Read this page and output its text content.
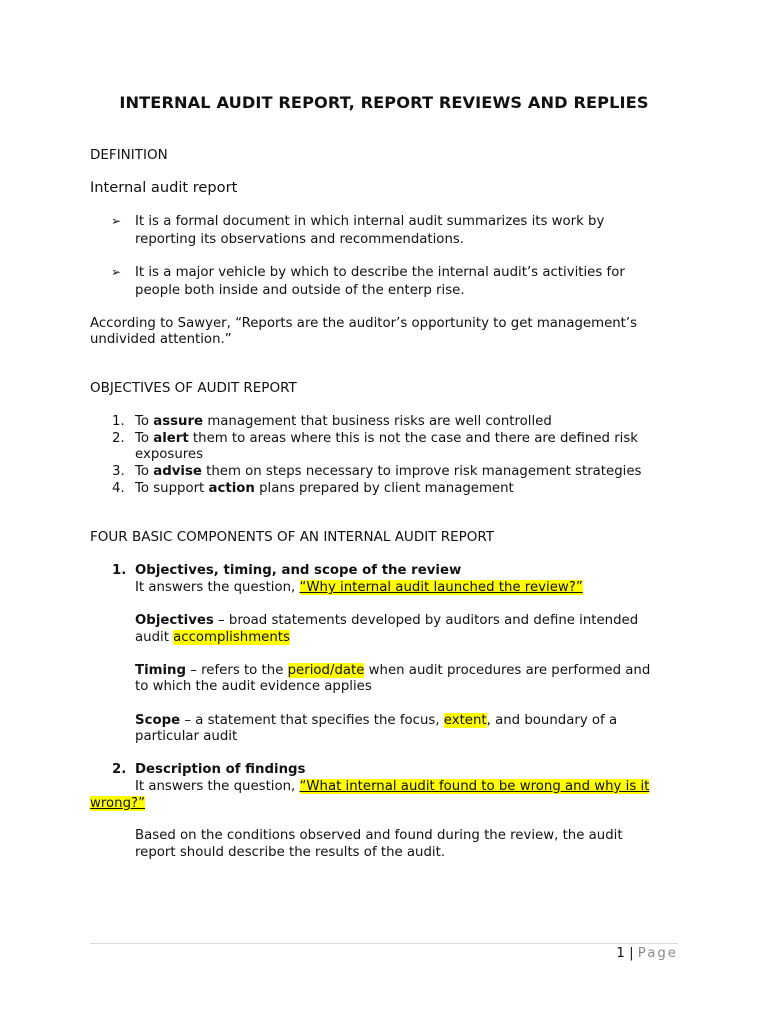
INTERNAL AUDIT REPORT, REPORT REVIEWS AND REPLIES
DEFINITION
Internal audit report
➢ It is a formal document in which internal audit summarizes its work by
reporting its observations and recommendations.
➢ It is a major vehicle by which to describe the internal audit’s activities for
people both inside and outside of the enterp rise.
According to Sawyer, “Reports are the auditor’s opportunity to get management’s
undivided attention.”
OBJECTIVES OF AUDIT REPORT
1. To assure management that business risks are well controlled
2. To alert them to areas where this is not the case and there are defined risk
exposures
3. To advise them on steps necessary to improve risk management strategies
4. To support action plans prepared by client management
FOUR BASIC COMPONENTS OF AN INTERNAL AUDIT REPORT
1. Objectives, timing, and scope of the review
It answers the question, “Why internal audit launched the review?”
Objectives – broad statements developed by auditors and define intended
audit accomplishments
Timing – refers to the period/date when audit procedures are performed and
to which the audit evidence applies
Scope – a statement that specifies the focus, extent, and boundary of a
particular audit
2. Description of findings
It answers the question, “What internal audit found to be wrong and why is it
wrong?”
Based on the conditions observed and found during the review, the audit
report should describe the results of the audit.
1 | Page
